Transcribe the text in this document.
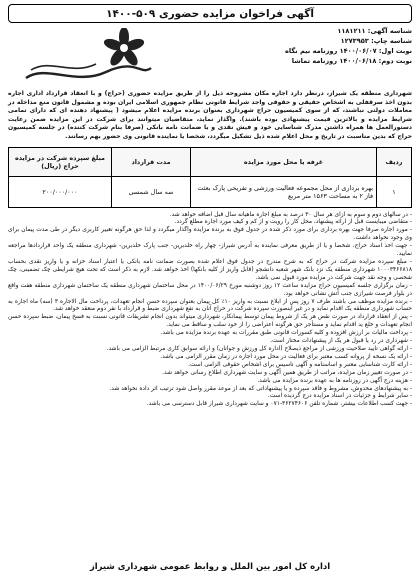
آگهی فراخوان مزایده حضوری ۵۰۹-۱۴۰۰
شناسه آگهی: ۱۱۸۱۲۱۱
شناسه چاپ: ۱۲۷۳۹۵۳
نوبت اول: ۱۴۰۰/۰۶/۰۷ روزنامه نیم نگاه
نوبت دوم: ۱۴۰۰/۰۶/۱۸ روزنامه تماشا
شهرداری منطقه یک شیراز، درنظر دارد اجاره مکان مشروحه ذیل را از طریق مزایده حضوری (حراج) و با انعقاد قرارداد اداری اجاره بدون اخذ سرقفلی به اشخاص حقیقی و حقوقی واجد شرایط قانونی نظام جمهوری اسلامی ایران بوده و مشمول قانون منع مداخله در معاملات دولتی نباشند، که از سوی کمیسیون حراج شهرداری بعنوان برنده مزایده اعلام میشود ( پیشنهاد دهنده ای که دارای تمامی شرایط مزایده و بالاترین قیمت پیشنهادی بوده باشند). واگذار نماید، متقاضیان میتوانند برای شرکت در این مزایده ضمن رعایت دستورالعمل ها همراه داشتن مدرک شناسایی خود و فیش نقدی و یا ضمانت نامه بانکی (صرفا بنام شرکت کننده) در جلسه کمیسیون حراج که بدین مناسبت در تاریخ و محل اعلام شده ذیل تشکیل میگردد، شخصا یا نماینده قانونی وی حضور بهم رسانند.
ردیف	غرفه یا محل مورد مزایده	مدت قرارداد	مبلغ سپرده شرکت در مزایده حراج (ریال)
۱	بهره برداری از محل مجموعه فعالیت ورزشی و تفریحی پارک بعثت فاز ۲ به مساحت ۱۵۶۳ متر مربع	سه سال شمسی	۲۰۰/۰۰۰/۰۰۰

- در سالهای دوم و سوم به ازای هر سال ۳۰ درصد به مبلغ اجاره ماهیانه سال قبل اضافه خواهد شد.

- متقاضی میبایست قبل از ارائه پیشنهاد، محل کار را رویت و از کم و کیف مورد اجاره مطلع گردد.

- مورد اجاره صرفا جهت بهره برداری برای مورد ذکر شده در جدول فوق به برنده مزایده واگذار میگردد و لذا حق هرگونه تغییر کاربری دیگر در طی مدت پیمان برای وی وجود نخواهد داشت.

- جهت اخذ اسناد حراج، شخصا و یا از طریق معرفی نماینده به آدرس شیراز- چهار راه خلدبرین- جنب پارک خلدبرین- شهرداری منطقه یک واحد قراردادها مراجعه نمایید.

- مبلغ سپرده مزایده شرکت در حراج که به شرح مندرج در جدول فوق اعلام شده بصورت ضمانت نامه بانکی یا اعتبار اسناد خزانه و یا واریز نقدی بحساب ۱۰۰۰۳۴۶۶۸۱۸ شهرداری منطقه یک نزد بانک شهر شعبه دانشجو (قابل واریز از کلیه بانکها) اخذ خواهد شد. لازم به ذکر است که تحت هیچ شرایطی چک تضمینی، چک شخصی و وجه نقد جهت شرکت در مزایده مورد قبول نمی باشد.

- زمان برگزاری جلسه کمیسیون حراج مزایده ساعت ۱۲ روز دوشنبه مورخ ۱۴۰۰/۰۶/۲۹ در محل ساختمان شهرداری منطقه یک ساختمان شهرداری منطقه هفت واقع در بلوار فرصت شیرازی جنب آتش نشانی خواهد بود.

- برنده مزایده موظف می باشند ظرف ۷ روز پس از ابلاغ نسبت به واریز ۱۰٪ کل پیمان بعنوان سپرده حسن انجام تعهدات، پرداخت مال الاجاره ۳ (سه) ماه اجاره به حساب شهرداری منطقه یک اقدام نماید و در غیر اینصورت سپرده شرکت در حراج آنان به نفع شهرداری ضبط و قرارداد با نفر دوم منعقد خواهد شد.

- پس از انعقاد قرارداد در صورت نقض هر یک از شروط پیمان توسط پیمانکار، شهرداری میتواند بدون انجام تشریفات قانونی نسبت به فسخ پیمان، ضبط سپرده حسن انجام تعهدات و خلع ید اقدام نماید و مستأجر حق هرگونه اعتراضی را از خود سلب و ساقط می نماید.

- پرداخت مالیات بر ارزش افزوده و کلیه کسورات قانونی طبق مقررات به عهده برنده مزایده می باشد.

- شهرداری در رد یا قبول هر یک از پیشنهادات مختار است.

- ارائه گواهی تایید صلاحیت ورزشی از مراجع ذیصلاح (اداره کل ورزش و جوانان) و ارائه سوابق کاری مرتبط الزامی می باشد.

- ارائه یک نسخه از پروانه کسب معتبر برای فعالیت در محل مورد اجاره در زمان مقرر الزامی می باشد.

- ارائه کارت شناسایی معتبر و اساسنامه و آگهی تاسیس برای اشخاص حقوقی الزامی است.

- در صورت تغییر زمان مزایده، مراتب از طریق همین آگهی و سایت شهرداری اطلاع رسانی خواهد شد.

- هزینه درج آگهی در روزنامه ها به عهده برنده مزایده می باشد.

- به پیشنهادهای مخدوش، مشروط و فاقد سپرده و یا پیشنهاداتی که بعد از موعد مقرر واصل شود ترتیب اثر داده نخواهد شد.

- سایر شرایط و جزئیات در اسناد مزایده درج گردیده است.

- جهت کسب اطلاعات بیشتر، شماره تلفن ۳۶۲۷۴۶۰۶-۰۷۱ و سایت شهرداری شیراز قابل دسترسی می باشد.

اداره کل امور بین الملل و روابط عمومی شهرداری شیراز
